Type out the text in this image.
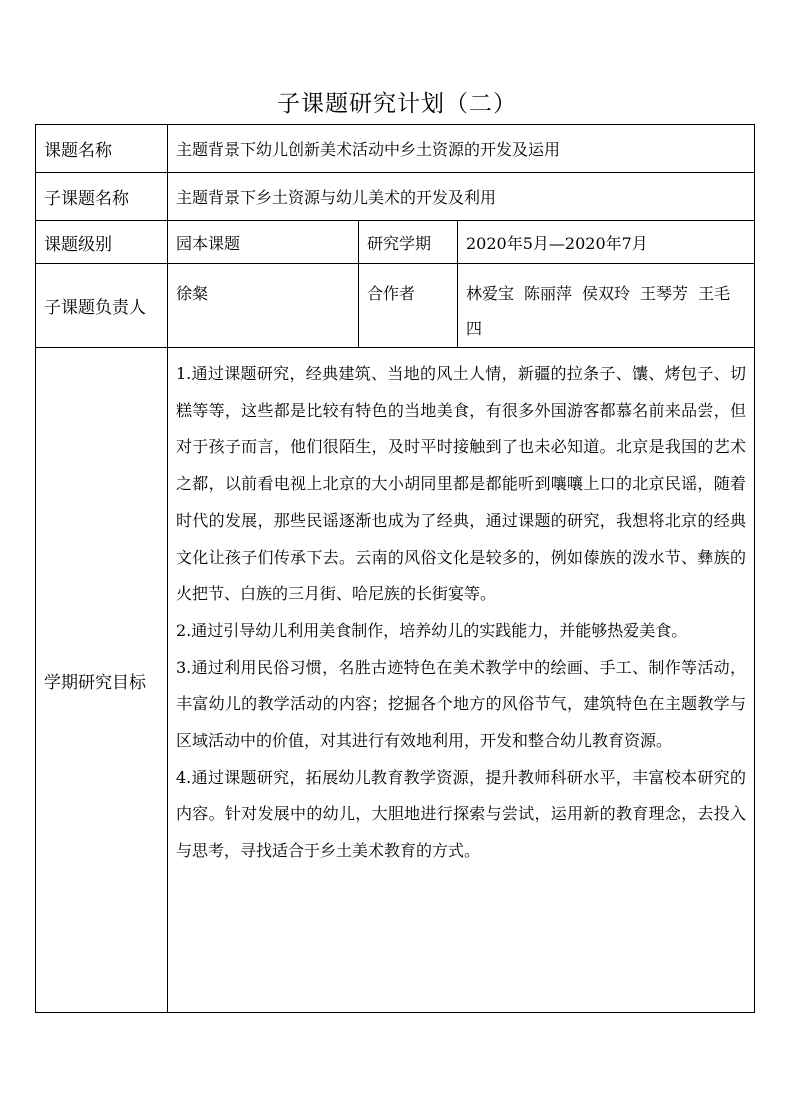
子课题研究计划（二）
课题名称	主题背景下幼儿创新美术活动中乡土资源的开发及运用		
子课题名称	主题背景下乡土资源与幼儿美术的开发及利用		
课题级别	园本课题	研究学期	2020年5月—2020年7月
子课题负责人	徐粲	合作者	林爱宝 陈丽萍 侯双玲 王琴芳 王毛四
学期研究目标	1.通过课题研究，经典建筑、当地的风土人情，新疆的拉条子、馕、烤包子、切糕等等，这些都是比较有特色的当地美食，有很多外国游客都慕名前来品尝，但对于孩子而言，他们很陌生，及时平时接触到了也未必知道。北京是我国的艺术之都，以前看电视上北京的大小胡同里都是都能听到嚷嚷上口的北京民谣，随着时代的发展，那些民谣逐渐也成为了经典，通过课题的研究，我想将北京的经典文化让孩子们传承下去。云南的风俗文化是较多的，例如傣族的泼水节、彝族的火把节、白族的三月街、哈尼族的长街宴等。

2.通过引导幼儿利用美食制作，培养幼儿的实践能力，并能够热爱美食。

3.通过利用民俗习惯，名胜古迹特色在美术教学中的绘画、手工、制作等活动，丰富幼儿的教学活动的内容；挖掘各个地方的风俗节气，建筑特色在主题教学与区域活动中的价值，对其进行有效地利用，开发和整合幼儿教育资源。

4.通过课题研究，拓展幼儿教育教学资源，提升教师科研水平，丰富校本研究的内容。针对发展中的幼儿，大胆地进行探索与尝试，运用新的教育理念，去投入与思考，寻找适合于乡土美术教育的方式。		
